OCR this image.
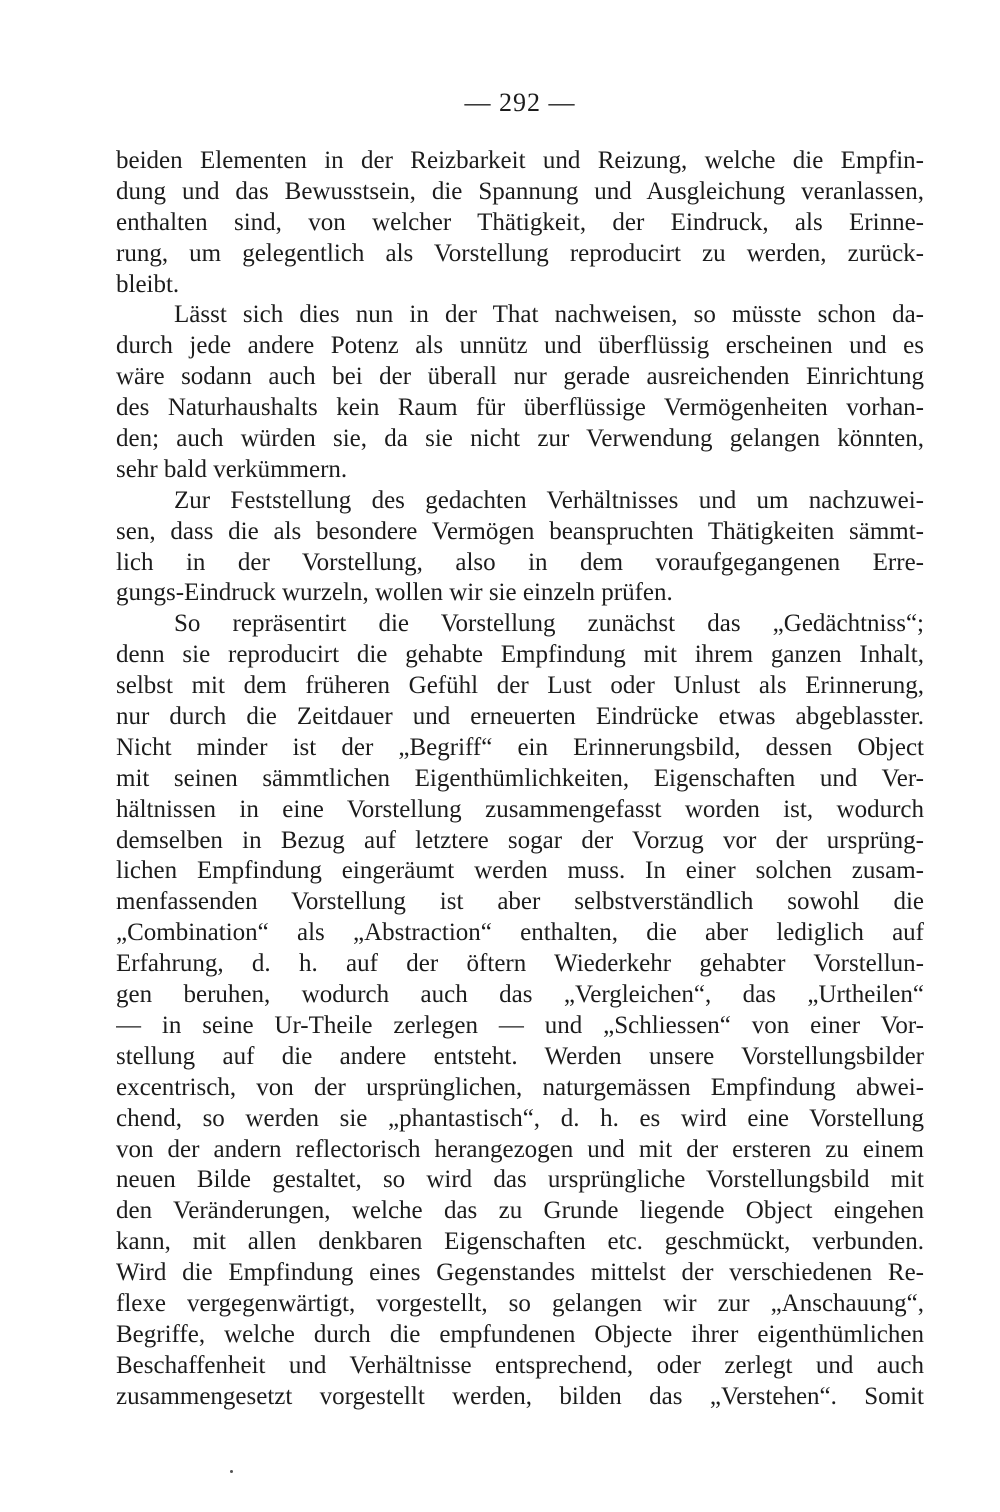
— 292 —

beiden Elementen in der Reizbarkeit und Reizung, welche die Empfin-
dung und das Bewusstsein, die Spannung und Ausgleichung veranlassen,
enthalten sind, von welcher Thätigkeit, der Eindruck, als Erinne-
rung, um gelegentlich als Vorstellung reproducirt zu werden, zurück-
bleibt.

Lässt sich dies nun in der That nachweisen, so müsste schon da-
durch jede andere Potenz als unnütz und überflüssig erscheinen und es
wäre sodann auch bei der überall nur gerade ausreichenden Einrichtung
des Naturhaushalts kein Raum für überflüssige Vermögenheiten vorhan-
den; auch würden sie, da sie nicht zur Verwendung gelangen könnten,
sehr bald verkümmern.

Zur Feststellung des gedachten Verhältnisses und um nachzuwei-
sen, dass die als besondere Vermögen beanspruchten Thätigkeiten sämmt-
lich in der Vorstellung, also in dem voraufgegangenen Erre-
gungs-Eindruck wurzeln, wollen wir sie einzeln prüfen.

So repräsentirt die Vorstellung zunächst das „Gedächtniss“;
denn sie reproducirt die gehabte Empfindung mit ihrem ganzen Inhalt,
selbst mit dem früheren Gefühl der Lust oder Unlust als Erinnerung,
nur durch die Zeitdauer und erneuerten Eindrücke etwas abgeblasster.
Nicht minder ist der „Begriff“ ein Erinnerungsbild, dessen Object
mit seinen sämmtlichen Eigenthümlichkeiten, Eigenschaften und Ver-
hältnissen in eine Vorstellung zusammengefasst worden ist, wodurch
demselben in Bezug auf letztere sogar der Vorzug vor der ursprüng-
lichen Empfindung eingeräumt werden muss. In einer solchen zusam-
menfassenden Vorstellung ist aber selbstverständlich sowohl die
„Combination“ als „Abstraction“ enthalten, die aber lediglich auf
Erfahrung, d. h. auf der öftern Wiederkehr gehabter Vorstellun-
gen beruhen, wodurch auch das „Vergleichen“, das „Urtheilen“
— in seine Ur-Theile zerlegen — und „Schliessen“ von einer Vor-
stellung auf die andere entsteht. Werden unsere Vorstellungsbilder
excentrisch, von der ursprünglichen, naturgemässen Empfindung abwei-
chend, so werden sie „phantastisch“, d. h. es wird eine Vorstellung
von der andern reflectorisch herangezogen und mit der ersteren zu einem
neuen Bilde gestaltet, so wird das ursprüngliche Vorstellungsbild mit
den Veränderungen, welche das zu Grunde liegende Object eingehen
kann, mit allen denkbaren Eigenschaften etc. geschmückt, verbunden.
Wird die Empfindung eines Gegenstandes mittelst der verschiedenen Re-
flexe vergegenwärtigt, vorgestellt, so gelangen wir zur „Anschauung“,
Begriffe, welche durch die empfundenen Objecte ihrer eigenthümlichen
Beschaffenheit und Verhältnisse entsprechend, oder zerlegt und auch
zusammengesetzt vorgestellt werden, bilden das „Verstehen“. Somit
